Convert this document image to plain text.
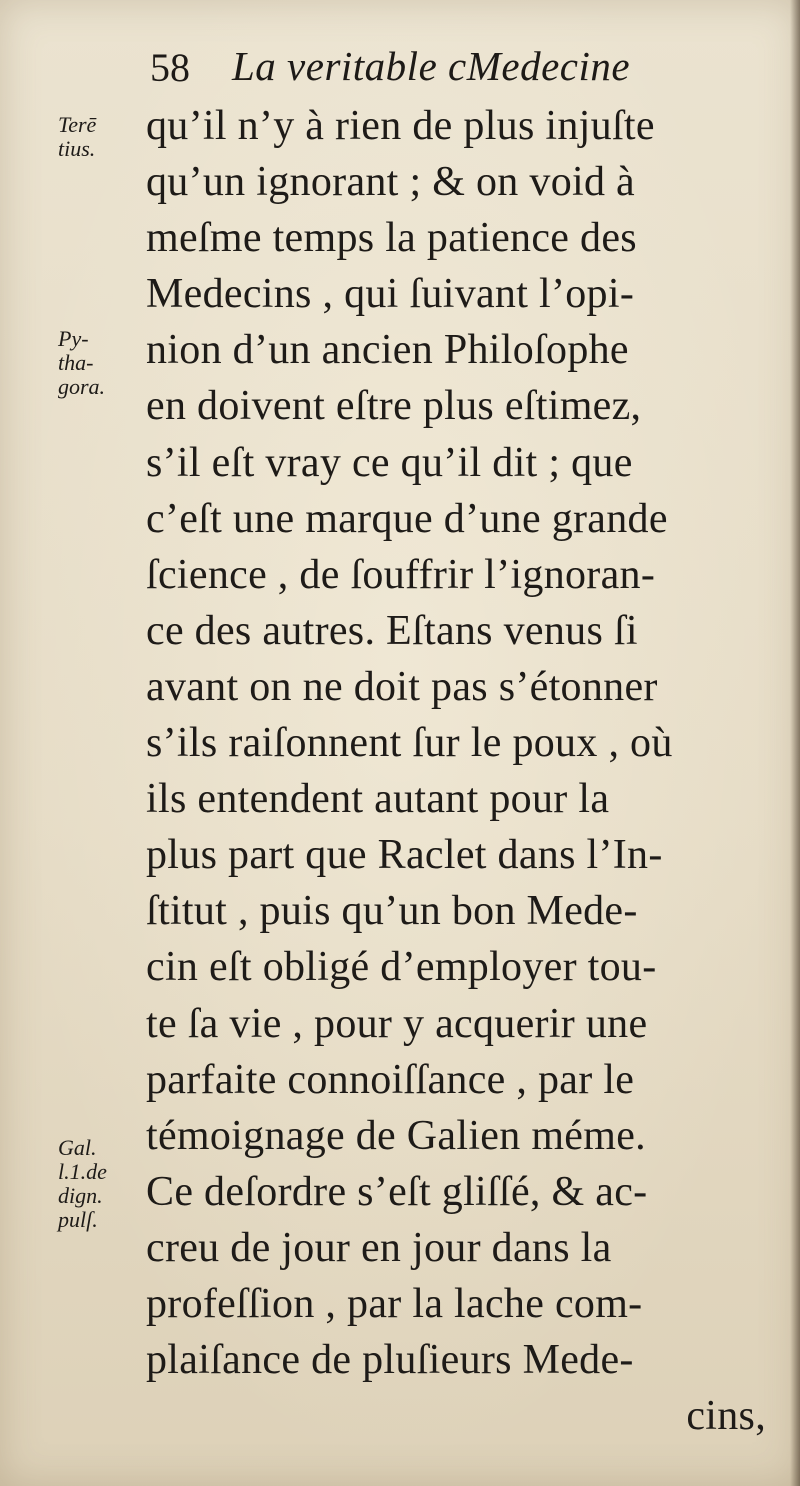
58 La veritable cMedecine
Terē
tius.
Py-
tha-
gora.
Gal.
l.1.de
dign.
pulſ.
qu’il n’y à rien de plus injuſte
qu’un ignorant ; & on void à
meſme temps la patience des
Medecins , qui ſuivant l’opi-
nion d’un ancien Philoſophe
en doivent eſtre plus eſtimez,
s’il eſt vray ce qu’il dit ; que
c’eſt une marque d’une grande
ſcience , de ſouffrir l’ignoran-
ce des autres. Eſtans venus ſi
avant on ne doit pas s’étonner
s’ils raiſonnent ſur le poux , où
ils entendent autant pour la
plus part que Raclet dans l’In-
ſtitut , puis qu’un bon Mede-
cin eſt obligé d’employer tou-
te ſa vie , pour y acquerir une
parfaite connoiſſance , par le
témoignage de Galien méme.
Ce deſordre s’eſt gliſſé, & ac-
creu de jour en jour dans la
profeſſion , par la lache com-
plaiſance de pluſieurs Mede-
cins,
